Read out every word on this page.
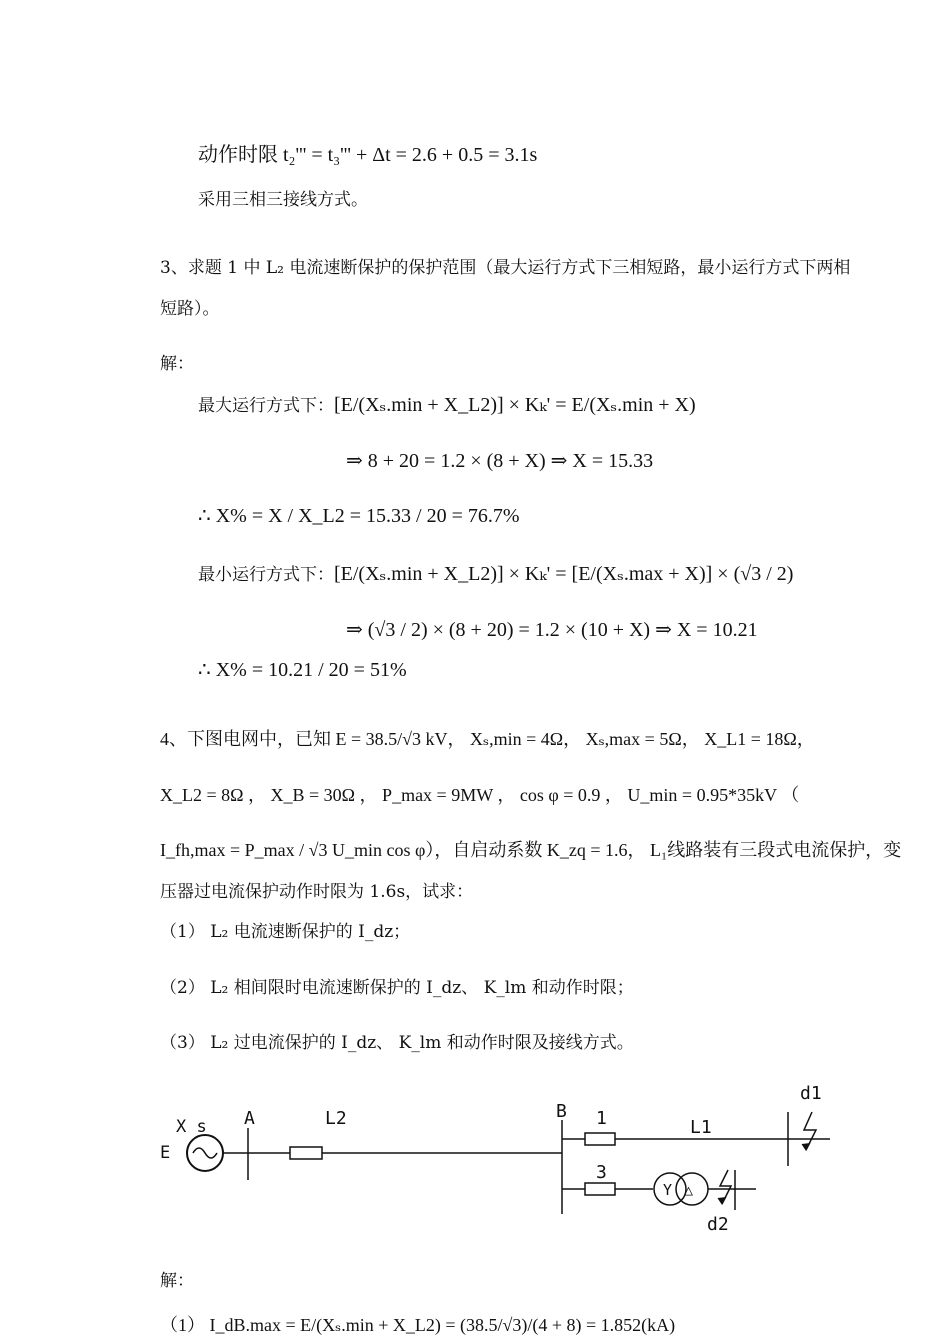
动作时限 t₂''' = t₃''' + Δt = 2.6 + 0.5 = 3.1s
采用三相三接线方式。
3、求题 1 中 L₂ 电流速断保护的保护范围（最大运行方式下三相短路，最小运行方式下两相
短路）。
解：
最大运行方式下：[E/(Xₛ.min + X_L2)] × Kₖ' = E/(Xₛ.min + X)
⇒ 8 + 20 = 1.2 × (8 + X) ⇒ X = 15.33
∴ X% = X / X_L2 = 15.33 / 20 = 76.7%
最小运行方式下：[E/(Xₛ.min + X_L2)] × Kₖ' = [E/(Xₛ.max + X)] × (√3 / 2)
⇒ (√3 / 2) × (8 + 20) = 1.2 × (10 + X) ⇒ X = 10.21
∴ X% = 10.21 / 20 = 51%
4、下图电网中，已知 E = 38.5/√3 kV， Xₛ,min = 4Ω， Xₛ,max = 5Ω， X_L1 = 18Ω，
X_L2 = 8Ω ， X_B = 30Ω ， P_max = 9MW ， cos φ = 0.9 ， U_min = 0.95*35kV （
I_fh,max = P_max / √3 U_min cos φ），自启动系数 K_zq = 1.6， L₁线路装有三段式电流保护，变
压器过电流保护动作时限为 1.6s，试求：
（1） L₂ 电流速断保护的 I_dz；
（2） L₂ 相间限时电流速断保护的 I_dz、 K_lm 和动作时限；
（3） L₂ 过电流保护的 I_dz、 K_lm 和动作时限及接线方式。
X s
E
A	L2	B 1	L1
d1
3
Y △
d2
解：
（1） I_dB.max = E/(Xₛ.min + X_L2) = (38.5/√3)/(4 + 8) = 1.852(kA)
